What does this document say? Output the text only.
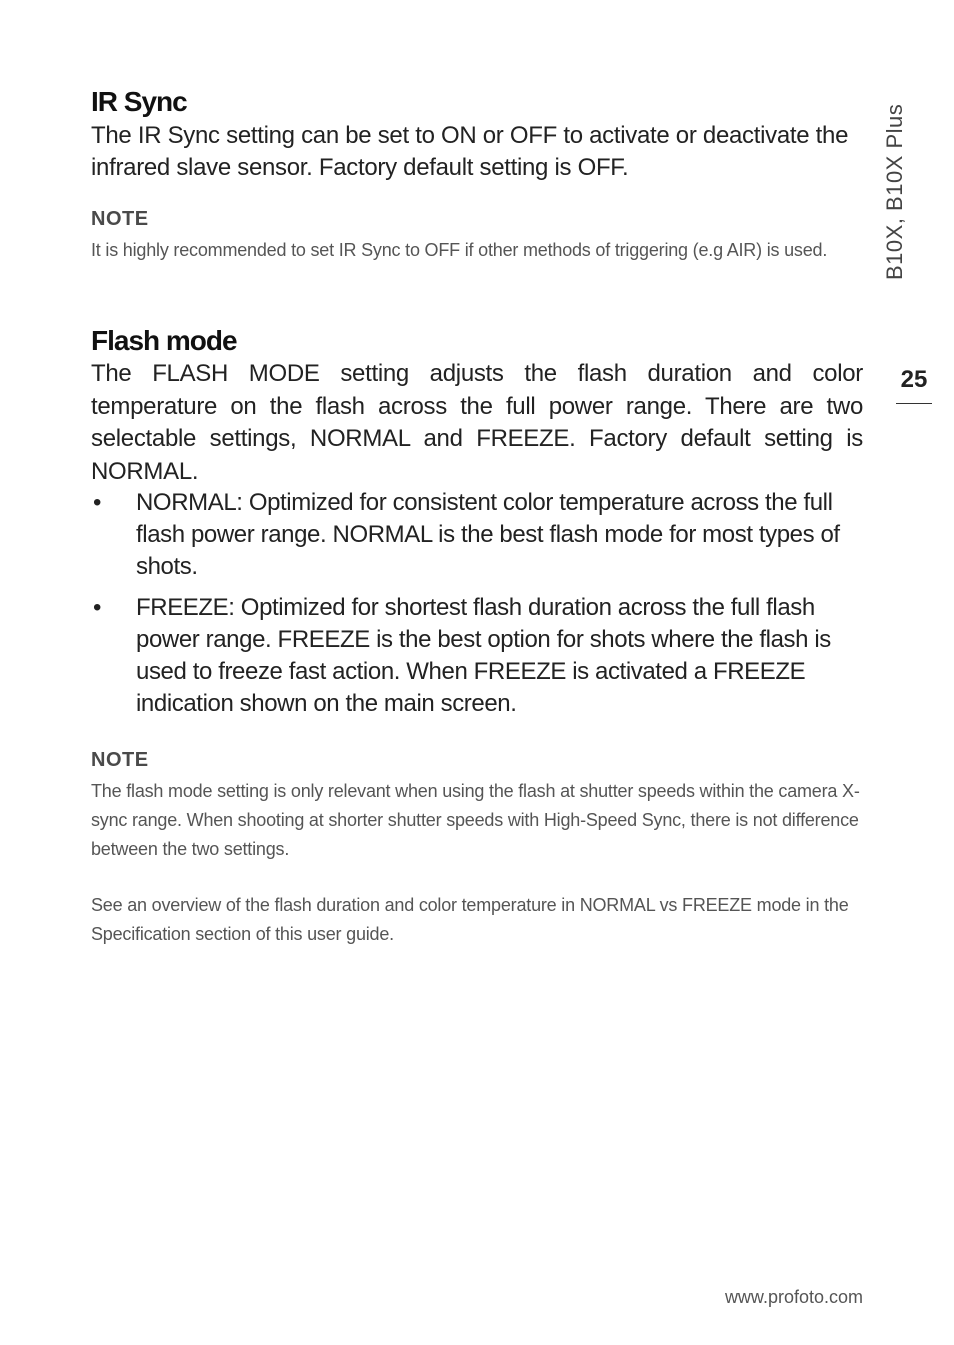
IR Sync

The IR Sync setting can be set to ON or OFF to activate or deactivate the infrared slave sensor. Factory default setting is OFF.

NOTE

It is highly recommended to set IR Sync to OFF if other methods of triggering (e.g AIR) is used.

Flash mode

The FLASH MODE setting adjusts the flash duration and color temperature on the flash across the full power range. There are two selectable settings, NORMAL and FREEZE. Factory default setting is NORMAL.

• NORMAL: Optimized for consistent color temperature across the full flash power range. NORMAL is the best flash mode for most types of shots.
• FREEZE: Optimized for shortest flash duration across the full flash power range. FREEZE is the best option for shots where the flash is used to freeze fast action. When FREEZE is activated a FREEZE indication shown on the main screen.

NOTE

The flash mode setting is only relevant when using the flash at shutter speeds within the camera X-sync range. When shooting at shorter shutter speeds with High-Speed Sync, there is not difference between the two settings.

See an overview of the flash duration and color temperature in NORMAL vs FREEZE mode in the Specification section of this user guide.

B10X, B10X Plus
25
www.profoto.com
